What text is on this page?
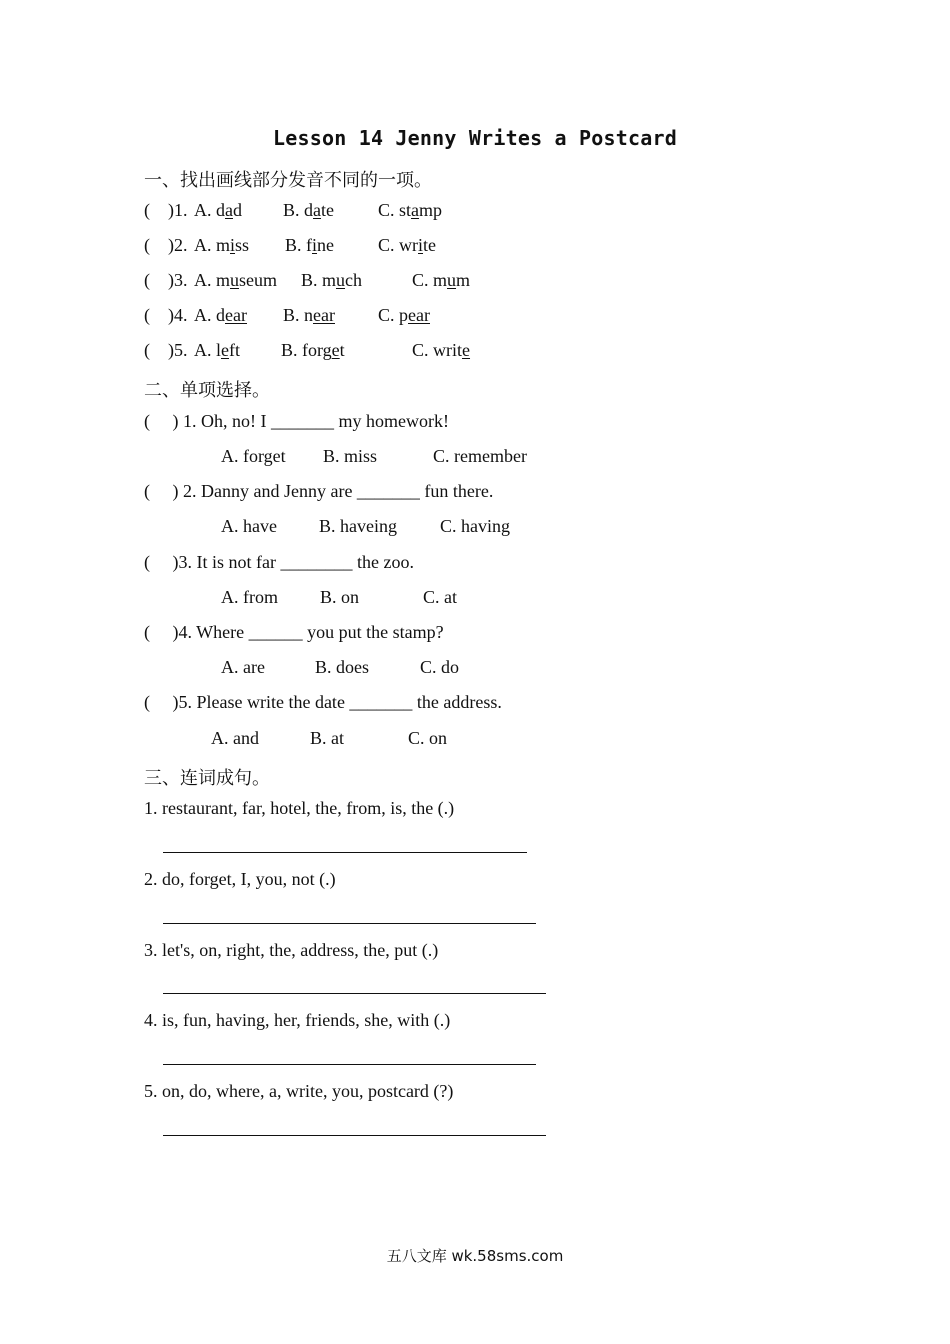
Lesson 14 Jenny Writes a Postcard
一、找出画线部分发音不同的一项。
(    )1. A. dad B. date C. stamp
(    )2. A. miss B. fine C. write
(    )3. A. museum B. much	C. mum
(    )4. A. dear B. near C. pear
(    )5. A. left B. forget	C. write
二、单项选择。
(     ) 1. Oh, no! I _______ my homework!
A. forget B. miss	C. remember
(     ) 2. Danny and Jenny are _______ fun there.
A. have B. haveing C. having
(     )3. It is not far ________ the zoo.
A. from B. on	C. at
(     )4. Where ______ you put the stamp?
A. are	B. does	C. do
(     )5. Please write the date _______ the address.
A. and	B. at	C. on
三、连词成句。
1. restaurant, far, hotel, the, from, is, the (.)
2. do, forget, I, you, not (.)
3. let's, on, right, the, address, the, put (.)
4. is, fun, having, her, friends, she, with (.)
5. on, do, where, a, write, you, postcard (?)
五八文库 wk.58sms.com
